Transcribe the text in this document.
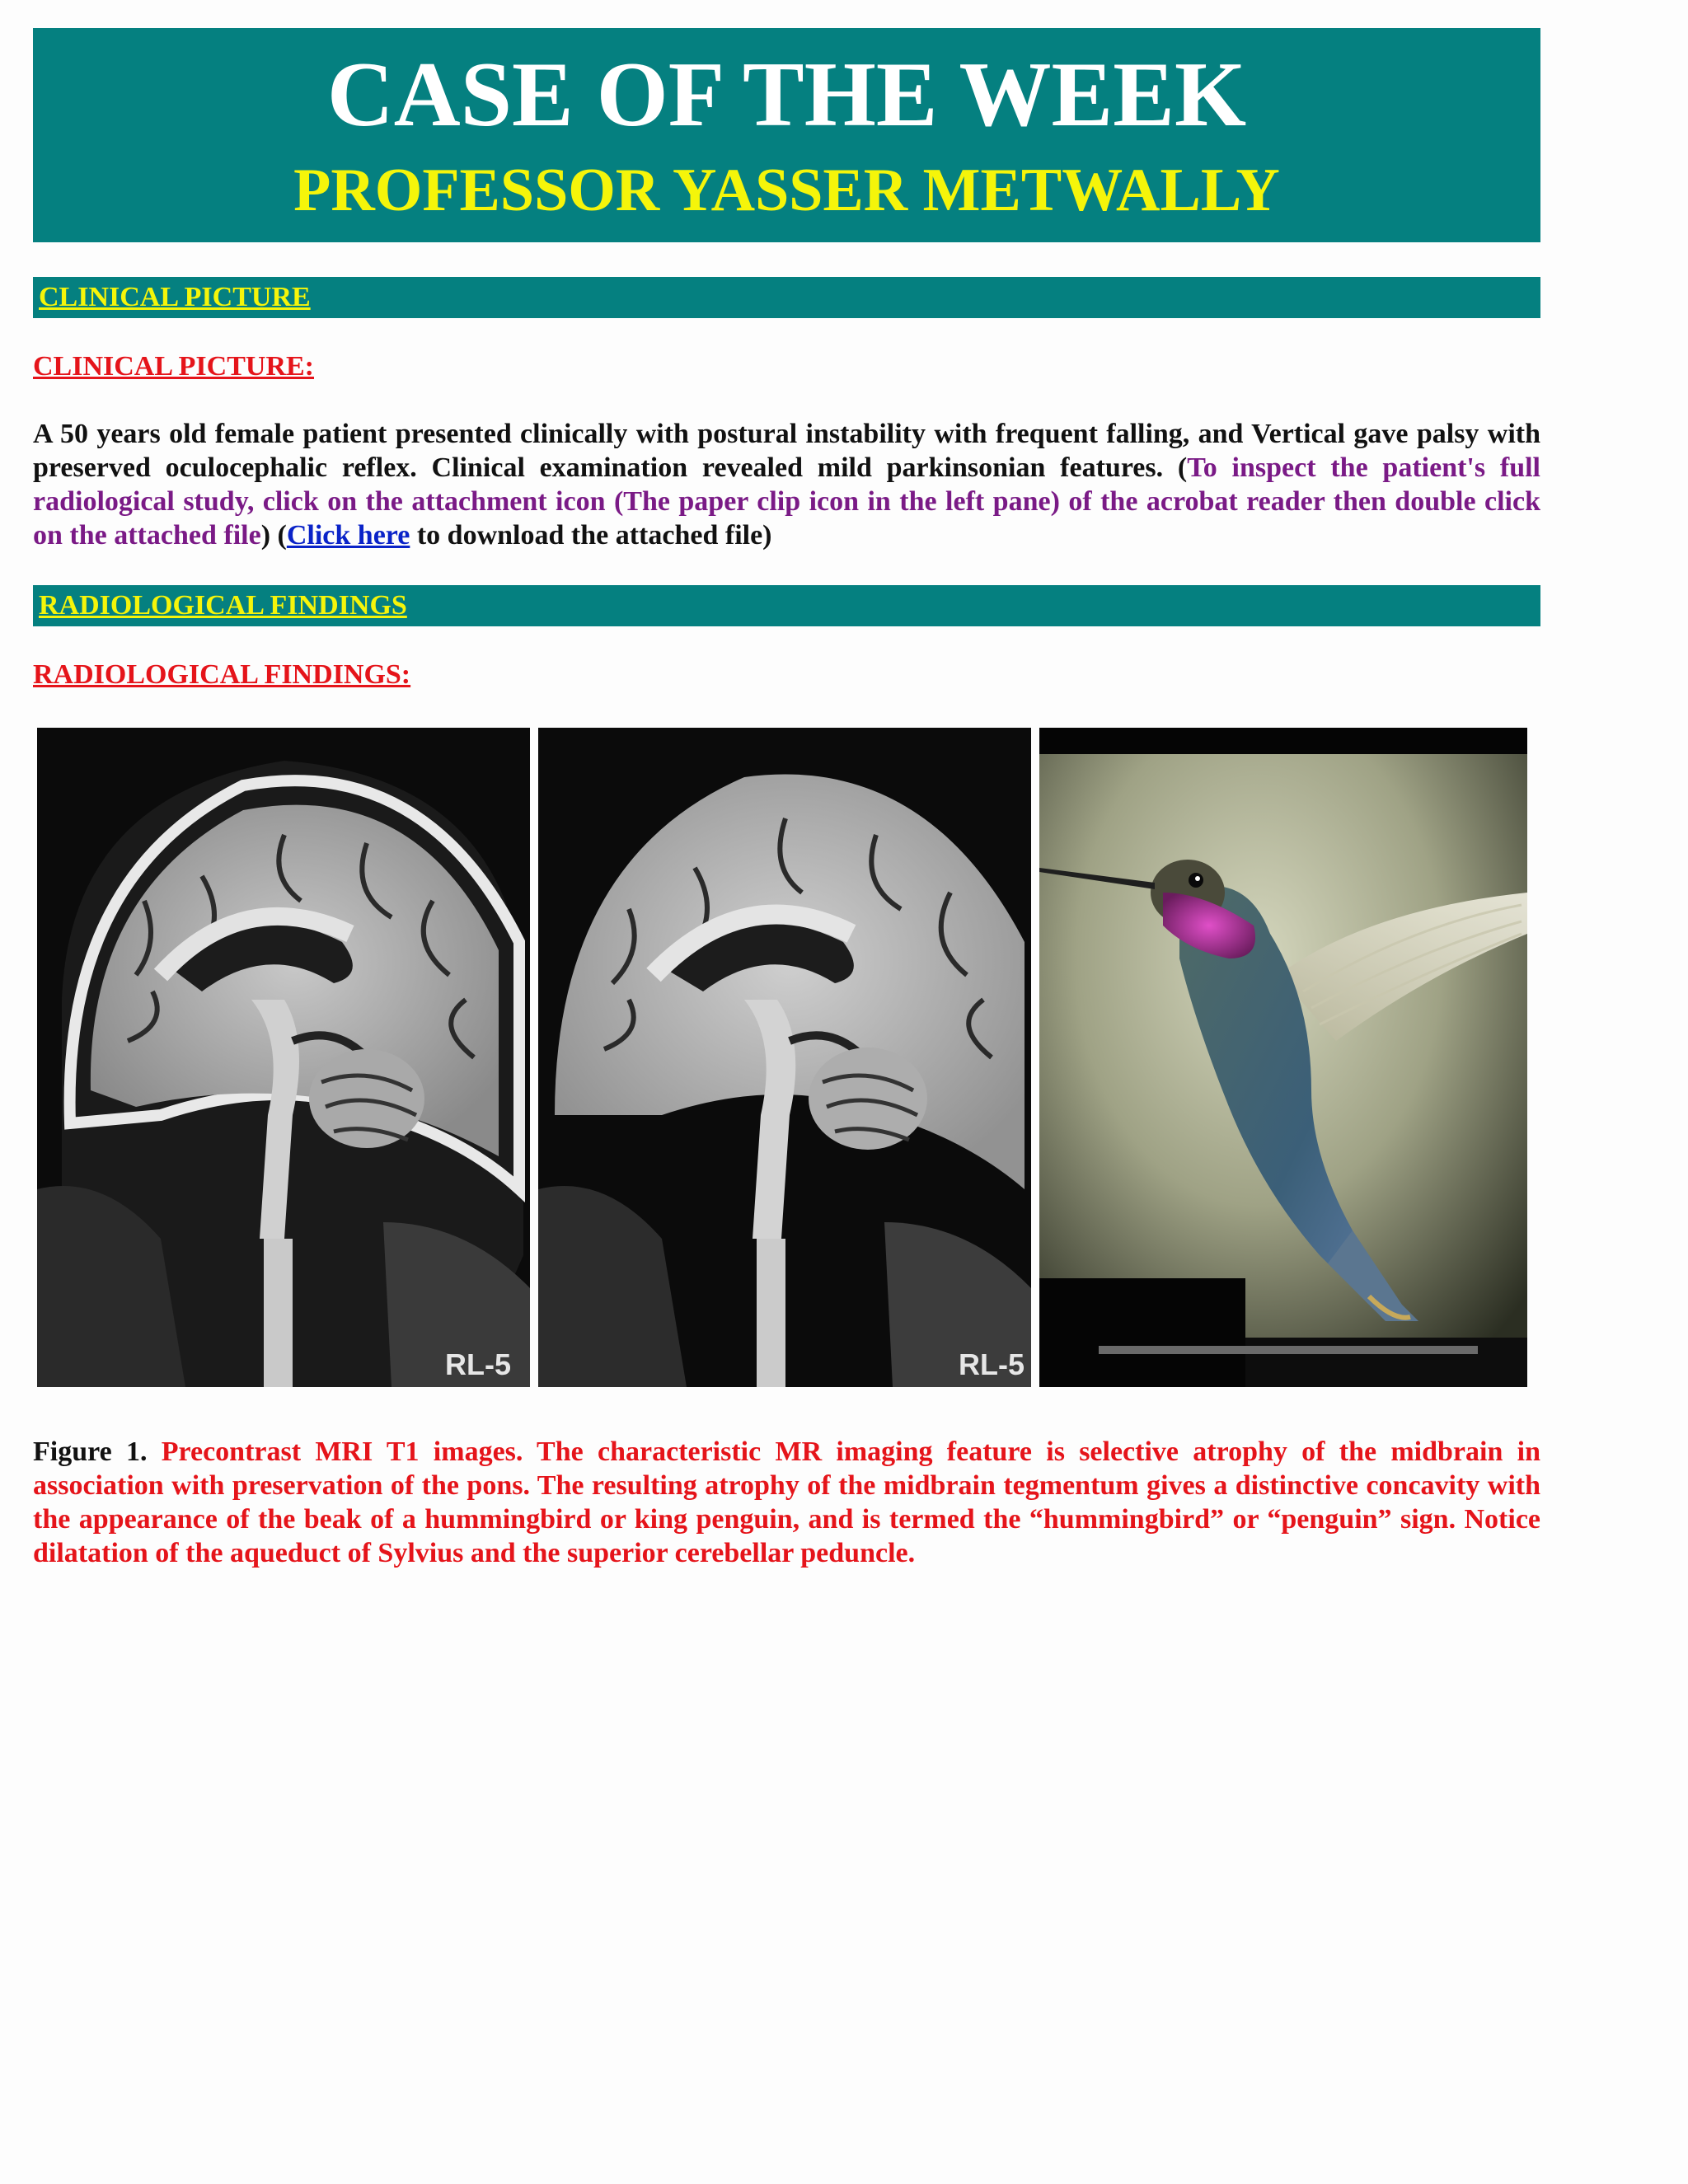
CASE OF THE WEEK
PROFESSOR YASSER METWALLY
CLINICAL PICTURE
CLINICAL PICTURE:
A 50 years old female patient presented clinically with postural instability with frequent falling, and Vertical gave palsy with preserved oculocephalic reflex. Clinical examination revealed mild parkinsonian features. (To inspect the patient's full radiological study, click on the attachment icon (The paper clip icon in the left pane) of the acrobat reader then double click on the attached file) (Click here to download the attached file)
RADIOLOGICAL FINDINGS
RADIOLOGICAL FINDINGS:
RL-5	RL-5
Figure 1. Precontrast MRI T1 images. The characteristic MR imaging feature is selective atrophy of the midbrain in association with preservation of the pons. The resulting atrophy of the midbrain tegmentum gives a distinctive concavity with the appearance of the beak of a hummingbird or king penguin, and is termed the “hummingbird” or “penguin” sign. Notice dilatation of the aqueduct of Sylvius and the superior cerebellar peduncle.
